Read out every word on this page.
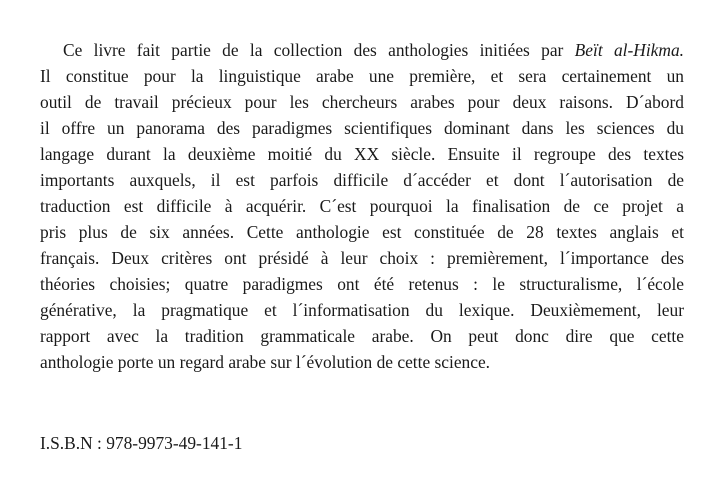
Ce livre fait partie de la collection des anthologies initiées par Beït al-Hikma.
Il constitue pour la linguistique arabe une première, et sera certainement un
outil de travail précieux pour les chercheurs arabes pour deux raisons. D´abord
il offre un panorama des paradigmes scientifiques dominant dans les sciences du
langage durant la deuxième moitié du XX siècle. Ensuite il regroupe des textes
importants auxquels, il est parfois difficile d´accéder et dont l´autorisation de
traduction est difficile à acquérir. C´est pourquoi la finalisation de ce projet a
pris plus de six années. Cette anthologie est constituée de 28 textes anglais et
français. Deux critères ont présidé à leur choix : premièrement, l´importance des
théories choisies; quatre paradigmes ont été retenus : le structuralisme, l´école
générative, la pragmatique et l´informatisation du lexique. Deuxièmement, leur
rapport avec la tradition grammaticale arabe. On peut donc dire que cette
anthologie porte un regard arabe sur l´évolution de cette science.
I.S.B.N : 978-9973-49-141-1
